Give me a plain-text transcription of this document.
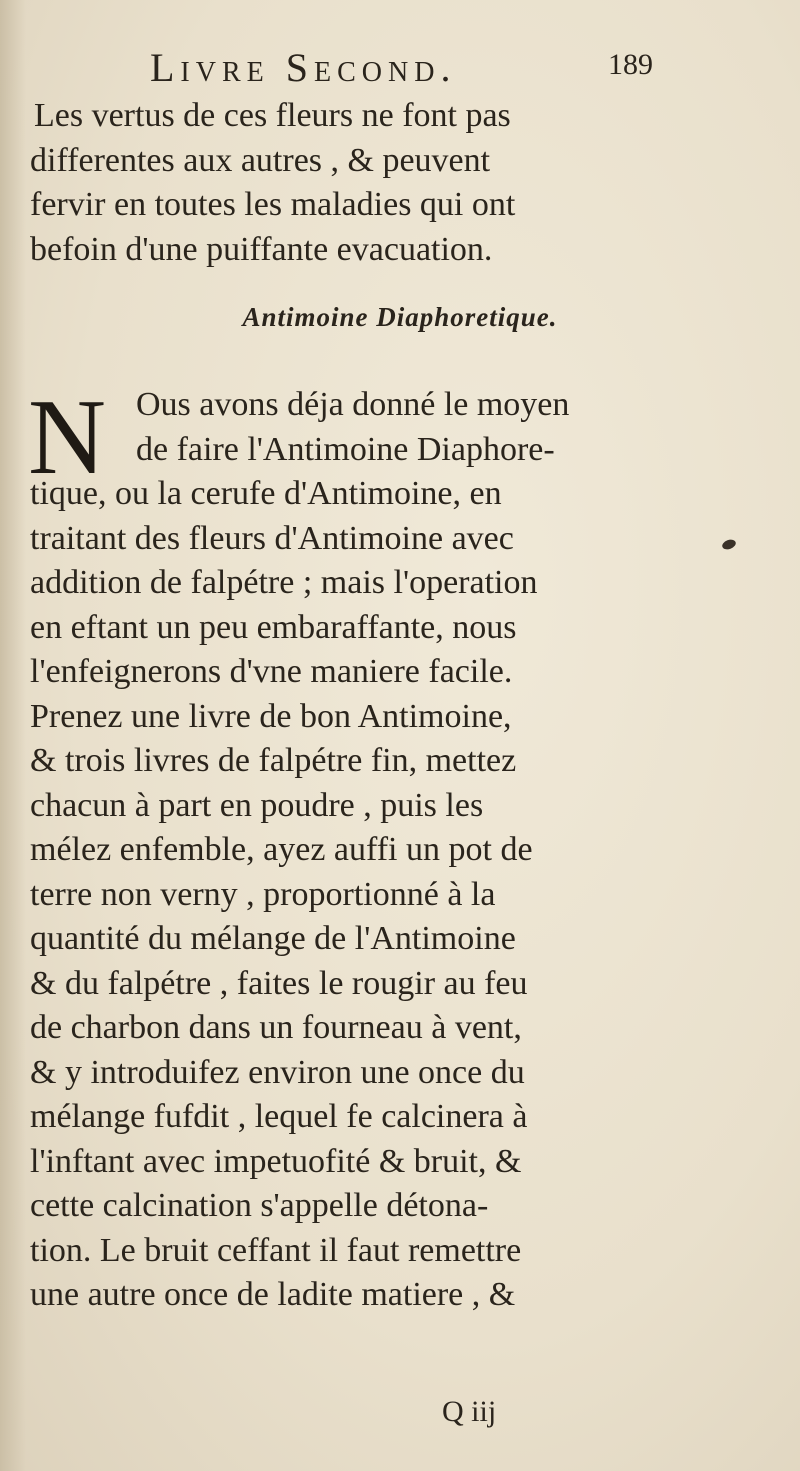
Livre Second.	189
Les vertus de ces fleurs ne font pas
differentes aux autres , & peuvent
fervir en toutes les maladies qui ont
befoin d'une puiffante evacuation.
Antimoine Diaphoretique.
N Ous avons déja donné le moyen
de faire l'Antimoine Diaphore-
tique, ou la cerufe d'Antimoine, en
traitant des fleurs d'Antimoine avec
addition de falpétre ; mais l'operation
en eftant un peu embaraffante, nous
l'enfeignerons d'vne maniere facile.
Prenez une livre de bon Antimoine,
& trois livres de falpétre fin, mettez
chacun à part en poudre , puis les
mélez enfemble, ayez auffi un pot de
terre non verny , proportionné à la
quantité du mélange de l'Antimoine
& du falpétre , faites le rougir au feu
de charbon dans un fourneau à vent,
& y introduifez environ une once du
mélange fufdit , lequel fe calcinera à
l'inftant avec impetuofité & bruit, &
cette calcination s'appelle détona-
tion. Le bruit ceffant il faut remettre
une autre once de ladite matiere , &
Q iij
